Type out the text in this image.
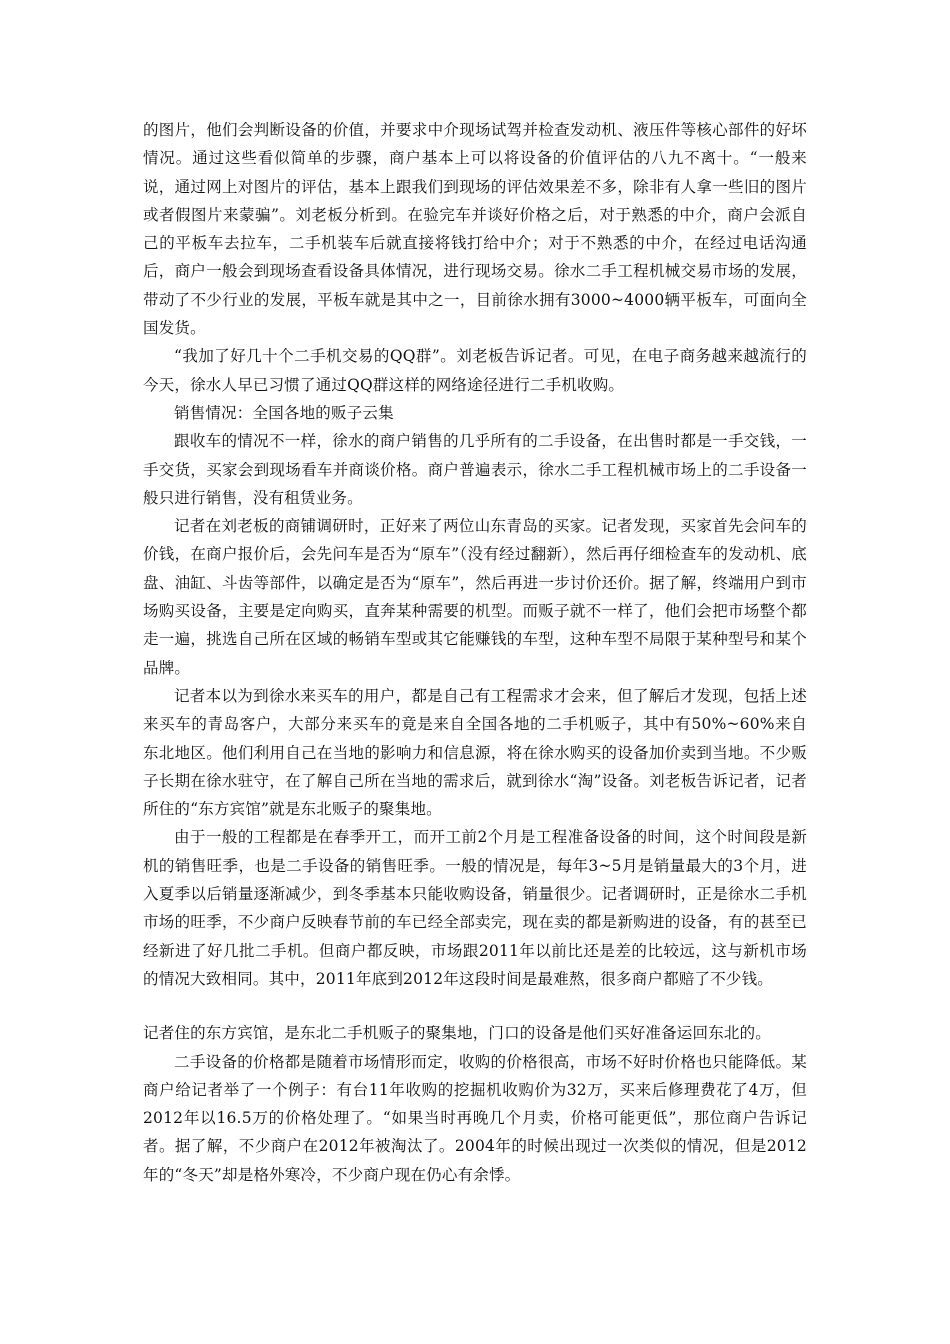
的图片，他们会判断设备的价值，并要求中介现场试驾并检查发动机、液压件等核心部件的好坏情况。通过这些看似简单的步骤，商户基本上可以将设备的价值评估的八九不离十。“一般来说，通过网上对图片的评估，基本上跟我们到现场的评估效果差不多，除非有人拿一些旧的图片或者假图片来蒙骗”。刘老板分析到。在验完车并谈好价格之后，对于熟悉的中介，商户会派自己的平板车去拉车，二手机装车后就直接将钱打给中介；对于不熟悉的中介，在经过电话沟通后，商户一般会到现场查看设备具体情况，进行现场交易。徐水二手工程机械交易市场的发展，带动了不少行业的发展，平板车就是其中之一，目前徐水拥有3000~4000辆平板车，可面向全国发货。

“我加了好几十个二手机交易的QQ群”。刘老板告诉记者。可见，在电子商务越来越流行的今天，徐水人早已习惯了通过QQ群这样的网络途径进行二手机收购。

销售情况：全国各地的贩子云集

跟收车的情况不一样，徐水的商户销售的几乎所有的二手设备，在出售时都是一手交钱，一手交货，买家会到现场看车并商谈价格。商户普遍表示，徐水二手工程机械市场上的二手设备一般只进行销售，没有租赁业务。

记者在刘老板的商铺调研时，正好来了两位山东青岛的买家。记者发现，买家首先会问车的价钱，在商户报价后，会先问车是否为“原车”（没有经过翻新），然后再仔细检查车的发动机、底盘、油缸、斗齿等部件，以确定是否为“原车”，然后再进一步讨价还价。据了解，终端用户到市场购买设备，主要是定向购买，直奔某种需要的机型。而贩子就不一样了，他们会把市场整个都走一遍，挑选自己所在区域的畅销车型或其它能赚钱的车型，这种车型不局限于某种型号和某个品牌。

记者本以为到徐水来买车的用户，都是自己有工程需求才会来，但了解后才发现，包括上述来买车的青岛客户，大部分来买车的竟是来自全国各地的二手机贩子，其中有50%~60%来自东北地区。他们利用自己在当地的影响力和信息源，将在徐水购买的设备加价卖到当地。不少贩子长期在徐水驻守，在了解自己所在当地的需求后，就到徐水“淘”设备。刘老板告诉记者，记者所住的“东方宾馆”就是东北贩子的聚集地。

由于一般的工程都是在春季开工，而开工前2个月是工程准备设备的时间，这个时间段是新机的销售旺季，也是二手设备的销售旺季。一般的情况是，每年3~5月是销量最大的3个月，进入夏季以后销量逐渐减少，到冬季基本只能收购设备，销量很少。记者调研时，正是徐水二手机市场的旺季，不少商户反映春节前的车已经全部卖完，现在卖的都是新购进的设备，有的甚至已经新进了好几批二手机。但商户都反映，市场跟2011年以前比还是差的比较远，这与新机市场的情况大致相同。其中，2011年底到2012年这段时间是最难熬，很多商户都赔了不少钱。

记者住的东方宾馆，是东北二手机贩子的聚集地，门口的设备是他们买好准备运回东北的。

二手设备的价格都是随着市场情形而定，收购的价格很高，市场不好时价格也只能降低。某商户给记者举了一个例子：有台11年收购的挖掘机收购价为32万，买来后修理费花了4万，但2012年以16.5万的价格处理了。“如果当时再晚几个月卖，价格可能更低”，那位商户告诉记者。据了解，不少商户在2012年被淘汰了。2004年的时候出现过一次类似的情况，但是2012年的“冬天”却是格外寒冷，不少商户现在仍心有余悸。
